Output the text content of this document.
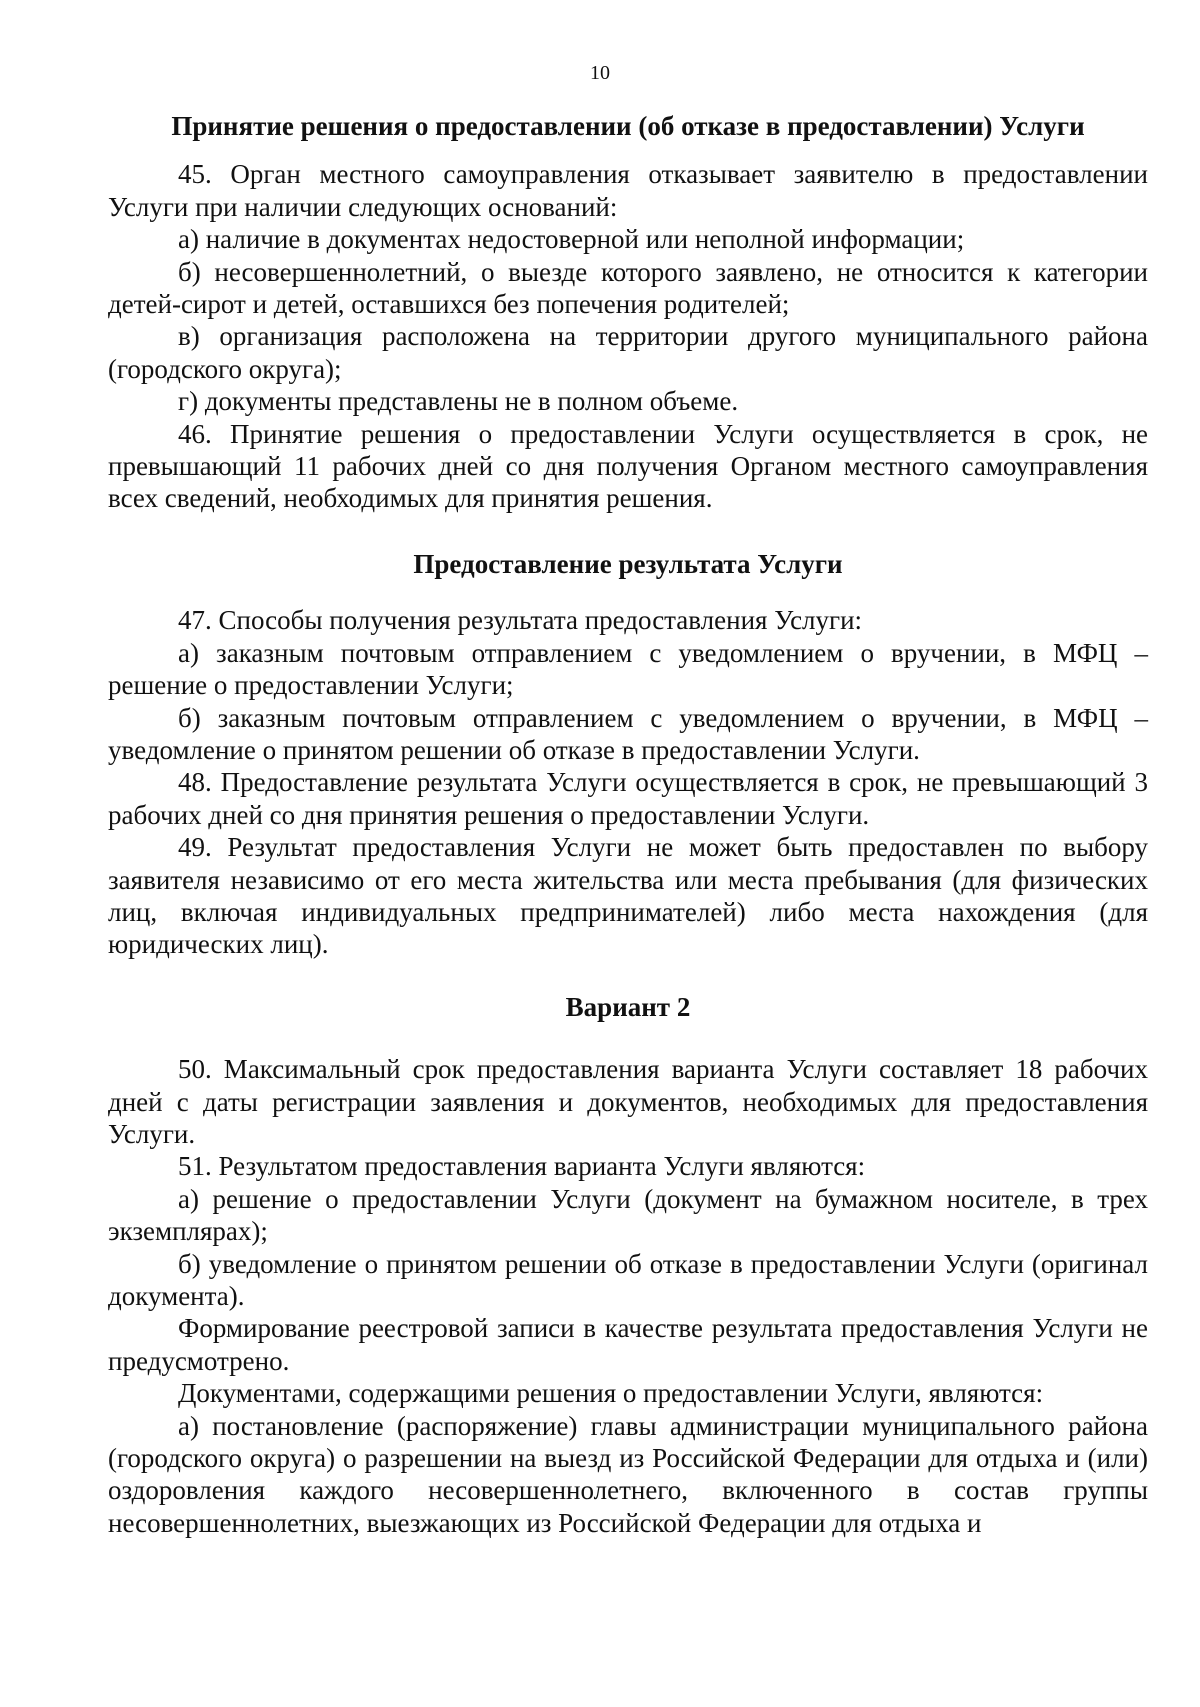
10
Принятие решения о предоставлении (об отказе в предоставлении) Услуги

45. Орган местного самоуправления отказывает заявителю в предоставлении Услуги при наличии следующих оснований:

а) наличие в документах недостоверной или неполной информации;

б) несовершеннолетний, о выезде которого заявлено, не относится к категории детей-сирот и детей, оставшихся без попечения родителей;

в) организация расположена на территории другого муниципального района (городского округа);

г) документы представлены не в полном объеме.

46. Принятие решения о предоставлении Услуги осуществляется в срок, не превышающий 11 рабочих дней со дня получения Органом местного самоуправления всех сведений, необходимых для принятия решения.

Предоставление результата Услуги

47. Способы получения результата предоставления Услуги:

а) заказным почтовым отправлением с уведомлением о вручении, в МФЦ – решение о предоставлении Услуги;

б) заказным почтовым отправлением с уведомлением о вручении, в МФЦ – уведомление о принятом решении об отказе в предоставлении Услуги.

48. Предоставление результата Услуги осуществляется в срок, не превышающий 3 рабочих дней со дня принятия решения о предоставлении Услуги.

49. Результат предоставления Услуги не может быть предоставлен по выбору заявителя независимо от его места жительства или места пребывания (для физических лиц, включая индивидуальных предпринимателей) либо места нахождения (для юридических лиц).

Вариант 2

50. Максимальный срок предоставления варианта Услуги составляет 18 рабочих дней с даты регистрации заявления и документов, необходимых для предоставления Услуги.

51. Результатом предоставления варианта Услуги являются:

а) решение о предоставлении Услуги (документ на бумажном носителе, в трех экземплярах);

б) уведомление о принятом решении об отказе в предоставлении Услуги (оригинал документа).

Формирование реестровой записи в качестве результата предоставления Услуги не предусмотрено.

Документами, содержащими решения о предоставлении Услуги, являются:

а) постановление (распоряжение) главы администрации муниципального района (городского округа) о разрешении на выезд из Российской Федерации для отдыха и (или) оздоровления каждого несовершеннолетнего, включенного в состав группы несовершеннолетних, выезжающих из Российской Федерации для отдыха и
